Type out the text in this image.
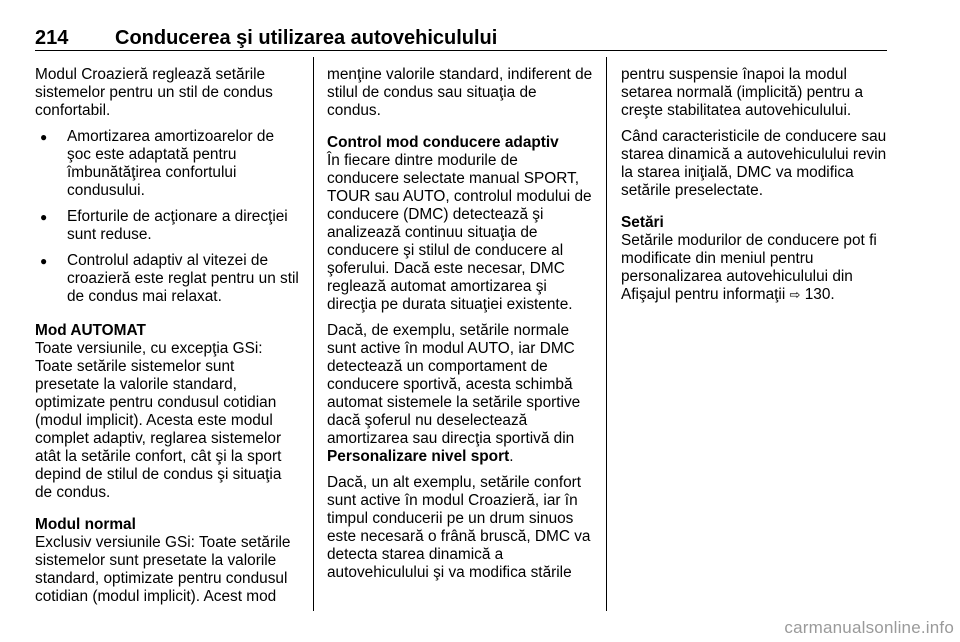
214 Conducerea şi utilizarea autovehiculului

Modul Croazieră reglează setările sistemelor pentru un stil de condus confortabil.

● Amortizarea amortizoarelor de şoc este adaptată pentru îmbunătăţirea confortului condusului.
● Eforturile de acţionare a direcţiei sunt reduse.
● Controlul adaptiv al vitezei de croazieră este reglat pentru un stil de condus mai relaxat.
Mod AUTOMAT

Toate versiunile, cu excepţia GSi: Toate setările sistemelor sunt presetate la valorile standard, optimizate pentru condusul cotidian (modul implicit). Acesta este modul complet adaptiv, reglarea sistemelor atât la setările confort, cât şi la sport depind de stilul de condus şi situaţia de condus.

Modul normal

Exclusiv versiunile GSi: Toate setările sistemelor sunt presetate la valorile standard, optimizate pentru condusul cotidian (modul implicit). Acest mod

menţine valorile standard, indiferent de stilul de condus sau situaţia de condus.

Control mod conducere adaptiv

În fiecare dintre modurile de conducere selectate manual SPORT, TOUR sau AUTO, controlul modului de conducere (DMC) detectează şi analizează continuu situaţia de conducere şi stilul de conducere al şoferului. Dacă este necesar, DMC reglează automat amortizarea şi direcţia pe durata situaţiei existente.

Dacă, de exemplu, setările normale sunt active în modul AUTO, iar DMC detectează un comportament de conducere sportivă, acesta schimbă automat sistemele la setările sportive dacă şoferul nu deselectează amortizarea sau direcţia sportivă din Personalizare nivel sport.

Dacă, un alt exemplu, setările confort sunt active în modul Croazieră, iar în timpul conducerii pe un drum sinuos este necesară o frână bruscă, DMC va detecta starea dinamică a autovehiculului şi va modifica stările

pentru suspensie înapoi la modul setarea normală (implicită) pentru a creşte stabilitatea autovehiculului.

Când caracteristicile de conducere sau starea dinamică a autovehiculului revin la starea iniţială, DMC va modifica setările preselectate.

Setări

Setările modurilor de conducere pot fi modificate din meniul pentru personalizarea autovehiculului din Afişajul pentru informaţii ⇨ 130.

carmanualsonline.info
